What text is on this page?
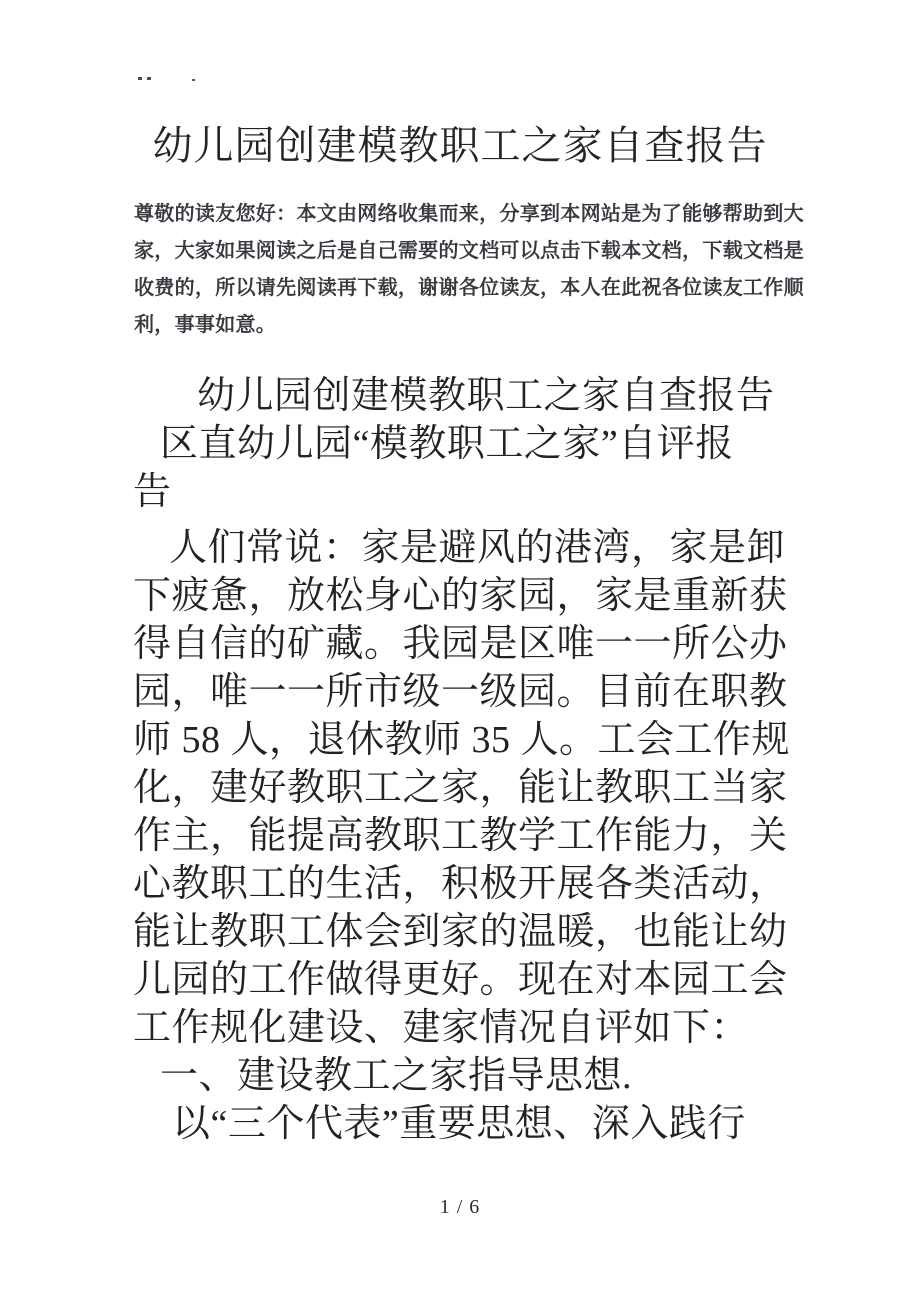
幼儿园创建模教职工之家自查报告
尊敬的读友您好：本文由网络收集而来，分享到本网站是为了能够帮助到大
家，大家如果阅读之后是自己需要的文档可以点击下载本文档，下载文档是
收费的，所以请先阅读再下载，谢谢各位读友，本人在此祝各位读友工作顺
利，事事如意。
幼儿园创建模教职工之家自查报告
区直幼儿园“模教职工之家”自评报
告
人们常说：家是避风的港湾，家是卸
下疲惫，放松身心的家园，家是重新获
得自信的矿藏。我园是区唯一一所公办
园，唯一一所市级一级园。目前在职教
师 58 人，退休教师 35 人。工会工作规
化，建好教职工之家，能让教职工当家
作主，能提高教职工教学工作能力，关
心教职工的生活，积极开展各类活动，
能让教职工体会到家的温暖，也能让幼
儿园的工作做得更好。现在对本园工会
工作规化建设、建家情况自评如下：
一、建设教工之家指导思想.
以“三个代表”重要思想、深入践行
1 / 6
